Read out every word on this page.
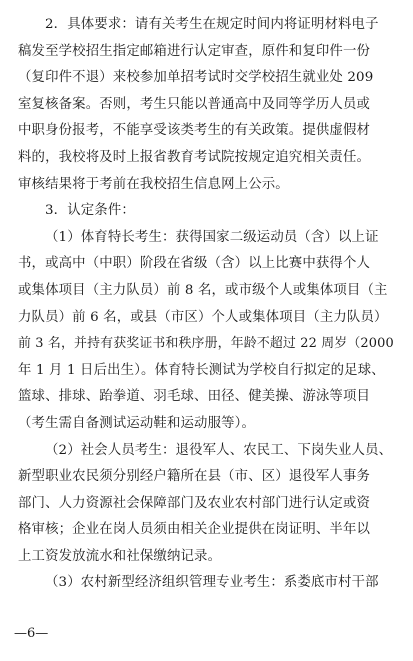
2．具体要求：请有关考生在规定时间内将证明材料电子
稿发至学校招生指定邮箱进行认定审查，原件和复印件一份
（复印件不退）来校参加单招考试时交学校招生就业处 209
室复核备案。否则，考生只能以普通高中及同等学历人员或
中职身份报考，不能享受该类考生的有关政策。提供虚假材
料的，我校将及时上报省教育考试院按规定追究相关责任。
审核结果将于考前在我校招生信息网上公示。

3．认定条件：

（1）体育特长考生：获得国家二级运动员（含）以上证
书，或高中（中职）阶段在省级（含）以上比赛中获得个人
或集体项目（主力队员）前 8 名，或市级个人或集体项目（主
力队员）前 6 名，或县（市区）个人或集体项目（主力队员）
前 3 名，并持有获奖证书和秩序册，年龄不超过 22 周岁（2000
年 1 月 1 日后出生）。体育特长测试为学校自行拟定的足球、
篮球、排球、跆拳道、羽毛球、田径、健美操、游泳等项目
（考生需自备测试运动鞋和运动服等）。

（2）社会人员考生：退役军人、农民工、下岗失业人员、
新型职业农民须分别经户籍所在县（市、区）退役军人事务
部门、人力资源社会保障部门及农业农村部门进行认定或资
格审核；企业在岗人员须由相关企业提供在岗证明、半年以
上工资发放流水和社保缴纳记录。

（3）农村新型经济组织管理专业考生：系娄底市村干部

—6—
